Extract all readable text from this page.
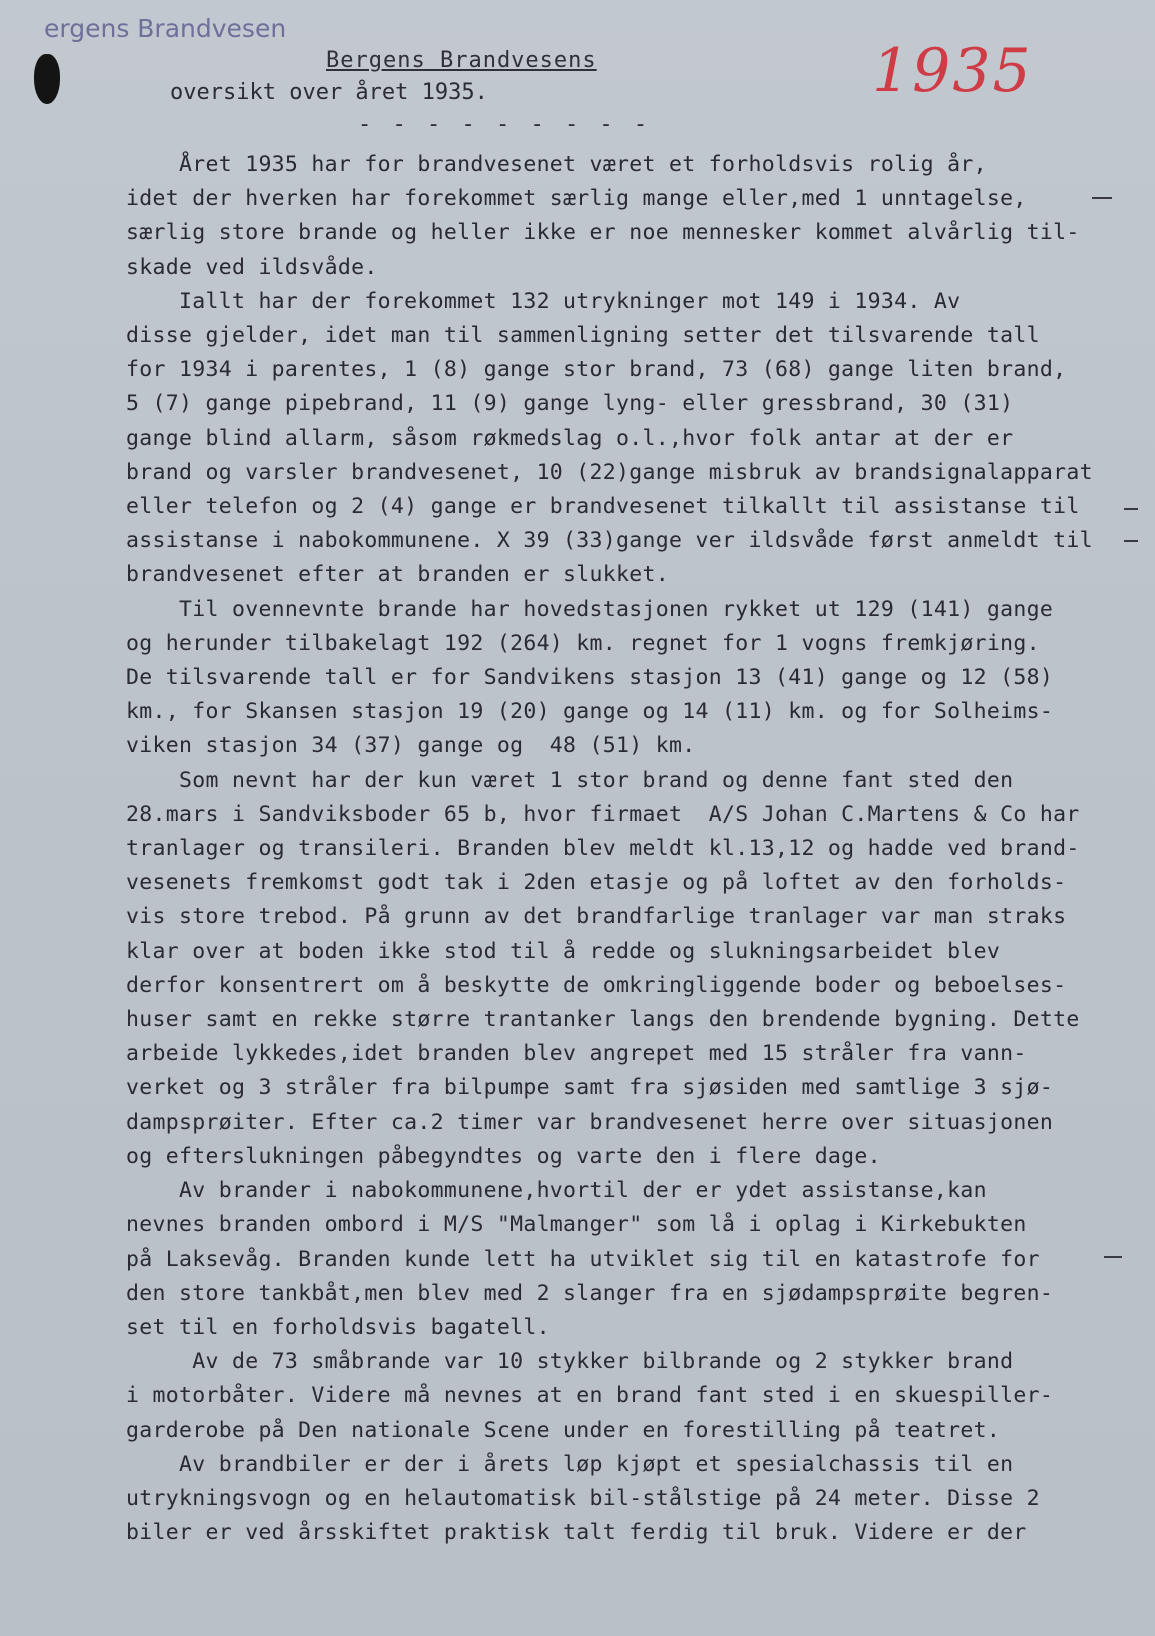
ergens Brandvesen
1935
Bergens Brandvesens
oversikt over året 1935.
- - - - - - - - -
Året 1935 har for brandvesenet været et forholdsvis rolig år,
idet der hverken har forekommet særlig mange eller,med 1 unntagelse,
særlig store brande og heller ikke er noe mennesker kommet alvårlig til-
skade ved ildsvåde.
Iallt har der forekommet 132 utrykninger mot 149 i 1934. Av
disse gjelder, idet man til sammenligning setter det tilsvarende tall
for 1934 i parentes, 1 (8) gange stor brand, 73 (68) gange liten brand,
5 (7) gange pipebrand, 11 (9) gange lyng- eller gressbrand, 30 (31)
gange blind allarm, såsom røkmedslag o.l.,hvor folk antar at der er
brand og varsler brandvesenet, 10 (22)gange misbruk av brandsignalapparat
eller telefon og 2 (4) gange er brandvesenet tilkallt til assistanse til
assistanse i nabokommunene. X 39 (33)gange ver ildsvåde først anmeldt til
brandvesenet efter at branden er slukket.
Til ovennevnte brande har hovedstasjonen rykket ut 129 (141) gange
og herunder tilbakelagt 192 (264) km. regnet for 1 vogns fremkjøring.
De tilsvarende tall er for Sandvikens stasjon 13 (41) gange og 12 (58)
km., for Skansen stasjon 19 (20) gange og 14 (11) km. og for Solheims-
viken stasjon 34 (37) gange og  48 (51) km.
Som nevnt har der kun været 1 stor brand og denne fant sted den
28.mars i Sandviksboder 65 b, hvor firmaet  A/S Johan C.Martens & Co har
tranlager og transileri. Branden blev meldt kl.13,12 og hadde ved brand-
vesenets fremkomst godt tak i 2den etasje og på loftet av den forholds-
vis store trebod. På grunn av det brandfarlige tranlager var man straks
klar over at boden ikke stod til å redde og slukningsarbeidet blev
derfor konsentrert om å beskytte de omkringliggende boder og beboelses-
huser samt en rekke større trantanker langs den brendende bygning. Dette
arbeide lykkedes,idet branden blev angrepet med 15 stråler fra vann-
verket og 3 stråler fra bilpumpe samt fra sjøsiden med samtlige 3 sjø-
dampsprøiter. Efter ca.2 timer var brandvesenet herre over situasjonen
og efterslukningen påbegyndtes og varte den i flere dage.
Av brander i nabokommunene,hvortil der er ydet assistanse,kan
nevnes branden ombord i M/S "Malmanger" som lå i oplag i Kirkebukten
på Laksevåg. Branden kunde lett ha utviklet sig til en katastrofe for
den store tankbåt,men blev med 2 slanger fra en sjødampsprøite begren-
set til en forholdsvis bagatell.
Av de 73 småbrande var 10 stykker bilbrande og 2 stykker brand
i motorbåter. Videre må nevnes at en brand fant sted i en skuespiller-
garderobe på Den nationale Scene under en forestilling på teatret.
Av brandbiler er der i årets løp kjøpt et spesialchassis til en
utrykningsvogn og en helautomatisk bil-stålstige på 24 meter. Disse 2
biler er ved årsskiftet praktisk talt ferdig til bruk. Videre er der
